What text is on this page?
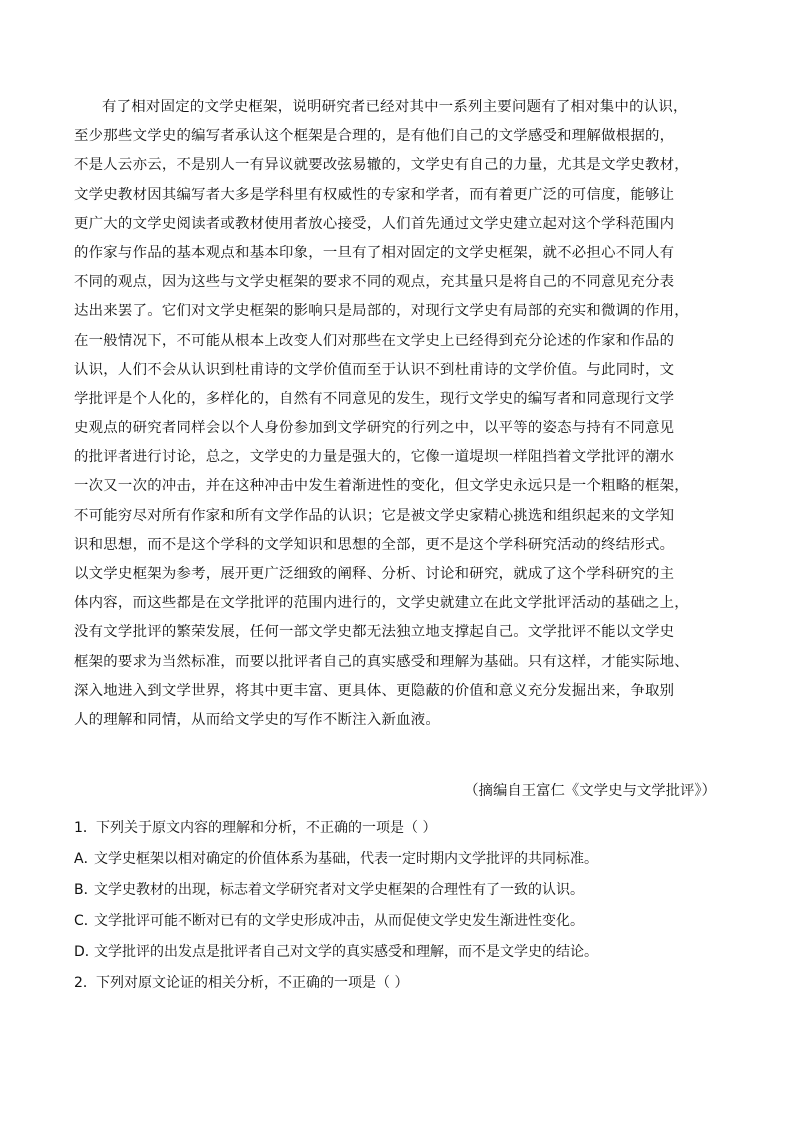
有了相对固定的文学史框架，说明研究者已经对其中一系列主要问题有了相对集中的认识，
至少那些文学史的编写者承认这个框架是合理的，是有他们自己的文学感受和理解做根据的，
不是人云亦云，不是别人一有异议就要改弦易辙的，文学史有自己的力量，尤其是文学史教材，
文学史教材因其编写者大多是学科里有权威性的专家和学者，而有着更广泛的可信度，能够让
更广大的文学史阅读者或教材使用者放心接受，人们首先通过文学史建立起对这个学科范围内
的作家与作品的基本观点和基本印象，一旦有了相对固定的文学史框架，就不必担心不同人有
不同的观点，因为这些与文学史框架的要求不同的观点，充其量只是将自己的不同意见充分表
达出来罢了。它们对文学史框架的影响只是局部的，对现行文学史有局部的充实和微调的作用，
在一般情况下，不可能从根本上改变人们对那些在文学史上已经得到充分论述的作家和作品的
认识，人们不会从认识到杜甫诗的文学价值而至于认识不到杜甫诗的文学价值。与此同时，文
学批评是个人化的，多样化的，自然有不同意见的发生，现行文学史的编写者和同意现行文学
史观点的研究者同样会以个人身份参加到文学研究的行列之中，以平等的姿态与持有不同意见
的批评者进行讨论，总之，文学史的力量是强大的，它像一道堤坝一样阻挡着文学批评的潮水
一次又一次的冲击，并在这种冲击中发生着渐进性的变化，但文学史永远只是一个粗略的框架，
不可能穷尽对所有作家和所有文学作品的认识；它是被文学史家精心挑选和组织起来的文学知
识和思想，而不是这个学科的文学知识和思想的全部，更不是这个学科研究活动的终结形式。
以文学史框架为参考，展开更广泛细致的阐释、分析、讨论和研究，就成了这个学科研究的主
体内容，而这些都是在文学批评的范围内进行的，文学史就建立在此文学批评活动的基础之上，
没有文学批评的繁荣发展，任何一部文学史都无法独立地支撑起自己。文学批评不能以文学史
框架的要求为当然标准，而要以批评者自己的真实感受和理解为基础。只有这样，才能实际地、
深入地进入到文学世界，将其中更丰富、更具体、更隐蔽的价值和意义充分发掘出来，争取别
人的理解和同情，从而给文学史的写作不断注入新血液。
（摘编自王富仁《文学史与文学批评》）
1．下列关于原文内容的理解和分析，不正确的一项是（ ）
A．文学史框架以相对确定的价值体系为基础，代表一定时期内文学批评的共同标准。
B．文学史教材的出现，标志着文学研究者对文学史框架的合理性有了一致的认识。
C．文学批评可能不断对已有的文学史形成冲击，从而促使文学史发生渐进性变化。
D．文学批评的出发点是批评者自己对文学的真实感受和理解，而不是文学史的结论。
2．下列对原文论证的相关分析，不正确的一项是（ ）
